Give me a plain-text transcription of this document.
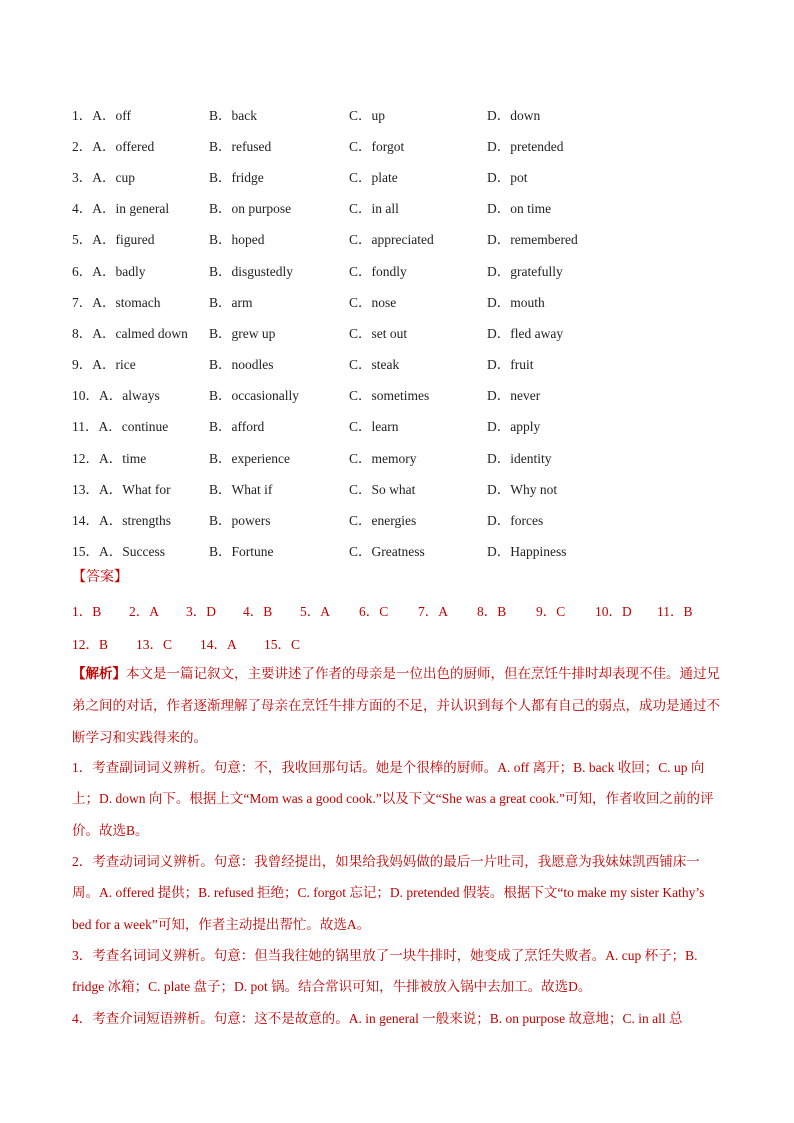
1．A．off	B．back	C．up	D．down
2．A．offered	B．refused	C．forgot	D．pretended
3．A．cup	B．fridge	C．plate	D．pot
4．A．in general	B．on purpose	C．in all	D．on time
5．A．figured	B．hoped	C．appreciated	D．remembered
6．A．badly	B．disgustedly	C．fondly	D．gratefully
7．A．stomach	B．arm	C．nose	D．mouth
8．A．calmed down	B．grew up	C．set out	D．fled away
9．A．rice	B．noodles	C．steak	D．fruit
10．A．always	B．occasionally	C．sometimes	D．never
11．A．continue	B．afford	C．learn	D．apply
12．A．time	B．experience	C．memory	D．identity
13．A．What for	B．What if	C．So what	D．Why not
14．A．strengths	B．powers	C．energies	D．forces
15．A．Success	B．Fortune	C．Greatness	D．Happiness
【答案】
1．B 2．A 3．D 4．B 5．A 6．C 7．A 8．B 9．C 10．D 11．B
12．B 13．C 14．A 15．C
【解析】本文是一篇记叙文，主要讲述了作者的母亲是一位出色的厨师，但在烹饪牛排时却表现不佳。通过兄弟之间的对话，作者逐渐理解了母亲在烹饪牛排方面的不足，并认识到每个人都有自己的弱点，成功是通过不断学习和实践得来的。
1．考查副词词义辨析。句意：不，我收回那句话。她是个很棒的厨师。A. off 离开；B. back 收回；C. up 向上；D. down 向下。根据上文“Mom was a good cook.”以及下文“She was a great cook.”可知，作者收回之前的评价。故选B。
2．考查动词词义辨析。句意：我曾经提出，如果给我妈妈做的最后一片吐司，我愿意为我妹妹凯西铺床一周。A. offered 提供；B. refused 拒绝；C. forgot 忘记；D. pretended 假装。根据下文“to make my sister Kathy’s bed for a week”可知，作者主动提出帮忙。故选A。
3．考查名词词义辨析。句意：但当我往她的锅里放了一块牛排时，她变成了烹饪失败者。A. cup 杯子；B. fridge 冰箱；C. plate 盘子；D. pot 锅。结合常识可知，牛排被放入锅中去加工。故选D。
4．考查介词短语辨析。句意：这不是故意的。A. in general 一般来说；B. on purpose 故意地；C. in all 总
